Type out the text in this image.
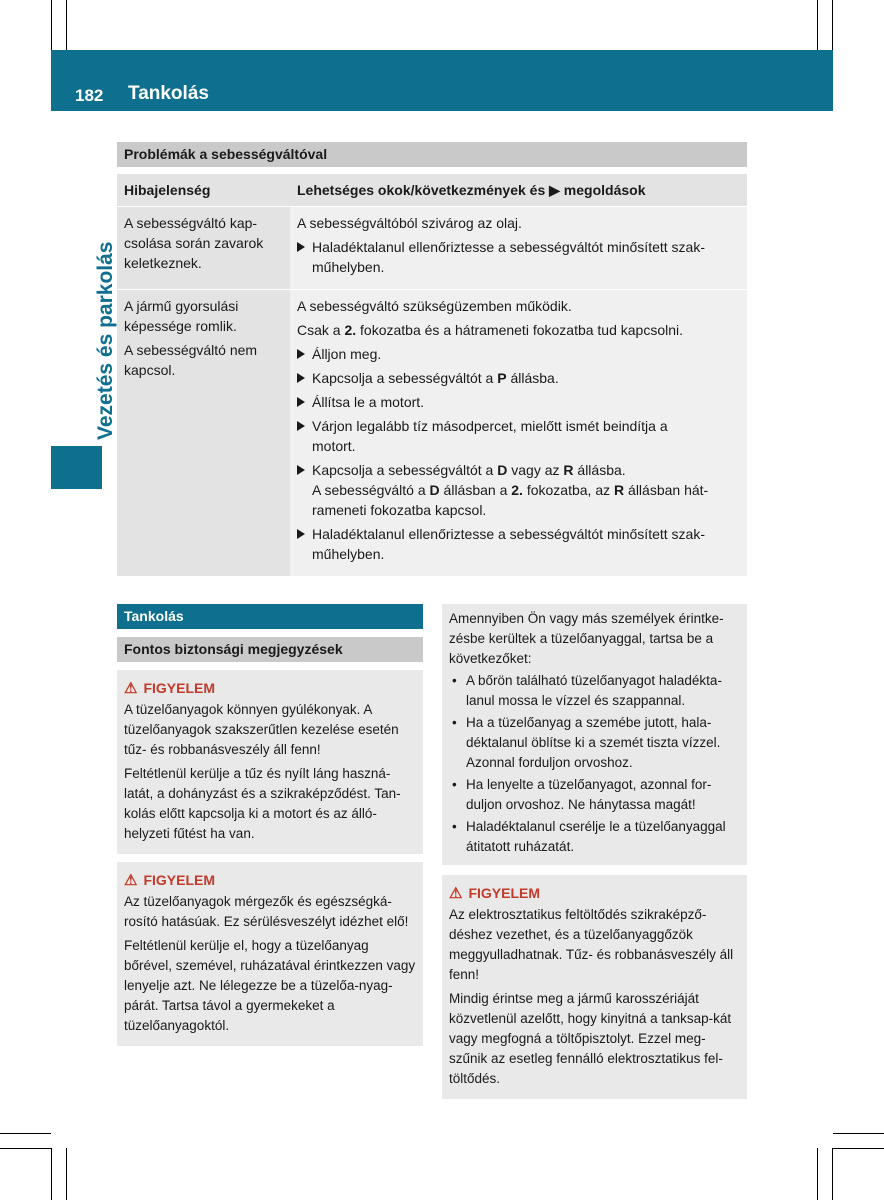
182 Tankolás
Vezetés és parkolás
Problémák a sebességváltóval
Hibajelenség	Lehetséges okok/következmények és ▶ megoldások
A sebességváltó kap-
csolása során zavarok
keletkeznek.

A sebességváltóból szivárog az olaj.

Haladéktalanul ellenőriztesse a sebességváltót minősített szak-
műhelyben.

A jármű gyorsulási
képessége romlik.

A sebességváltó nem
kapcsol.

A sebességváltó szükségüzemben működik.

Csak a 2. fokozatba és a hátrameneti fokozatba tud kapcsolni.

Álljon meg.
Kapcsolja a sebességváltót a P állásba.
Állítsa le a motort.
Várjon legalább tíz másodpercet, mielőtt ismét beindítja a
motort.
Kapcsolja a sebességváltót a D vagy az R állásba.
A sebességváltó a D állásban a 2. fokozatba, az R állásban hát-
rameneti fokozatba kapcsol.
Haladéktalanul ellenőriztesse a sebességváltót minősített szak-
műhelyben.
Tankolás
Fontos biztonsági megjegyzések
⚠ FIGYELEM

A tüzelőanyagok könnyen gyúlékonyak. A tüzelőanyagok szakszerűtlen kezelése esetén tűz- és robbanásveszély áll fenn!

Feltétlenül kerülje a tűz és nyílt láng haszná-latát, a dohányzást és a szikraképződést. Tan-kolás előtt kapcsolja ki a motort és az álló-helyzeti fűtést ha van.

⚠ FIGYELEM

Az tüzelőanyagok mérgezők és egészségká-rosító hatásúak. Ez sérülésveszélyt idézhet elő!

Feltétlenül kerülje el, hogy a tüzelőanyag bőrével, szemével, ruházatával érintkezzen vagy lenyelje azt. Ne lélegezze be a tüzelőa-nyag-párát. Tartsa távol a gyermekeket a tüzelőanyagoktól.

Amennyiben Ön vagy más személyek érintke-zésbe kerültek a tüzelőanyaggal, tartsa be a következőket:

• A bőrön található tüzelőanyagot haladékta-lanul mossa le vízzel és szappannal.
• Ha a tüzelőanyag a szemébe jutott, hala-déktalanul öblítse ki a szemét tiszta vízzel. Azonnal forduljon orvoshoz.
• Ha lenyelte a tüzelőanyagot, azonnal for-duljon orvoshoz. Ne hánytassa magát!
• Haladéktalanul cserélje le a tüzelőanyaggal átitatott ruházatát.
⚠ FIGYELEM

Az elektrosztatikus feltöltődés szikraképző-déshez vezethet, és a tüzelőanyaggőzök meggyulladhatnak. Tűz- és robbanásveszély áll fenn!

Mindig érintse meg a jármű karosszériáját közvetlenül azelőtt, hogy kinyitná a tanksap-kát vagy megfogná a töltőpisztolyt. Ezzel meg-szűnik az esetleg fennálló elektrosztatikus fel-töltődés.
